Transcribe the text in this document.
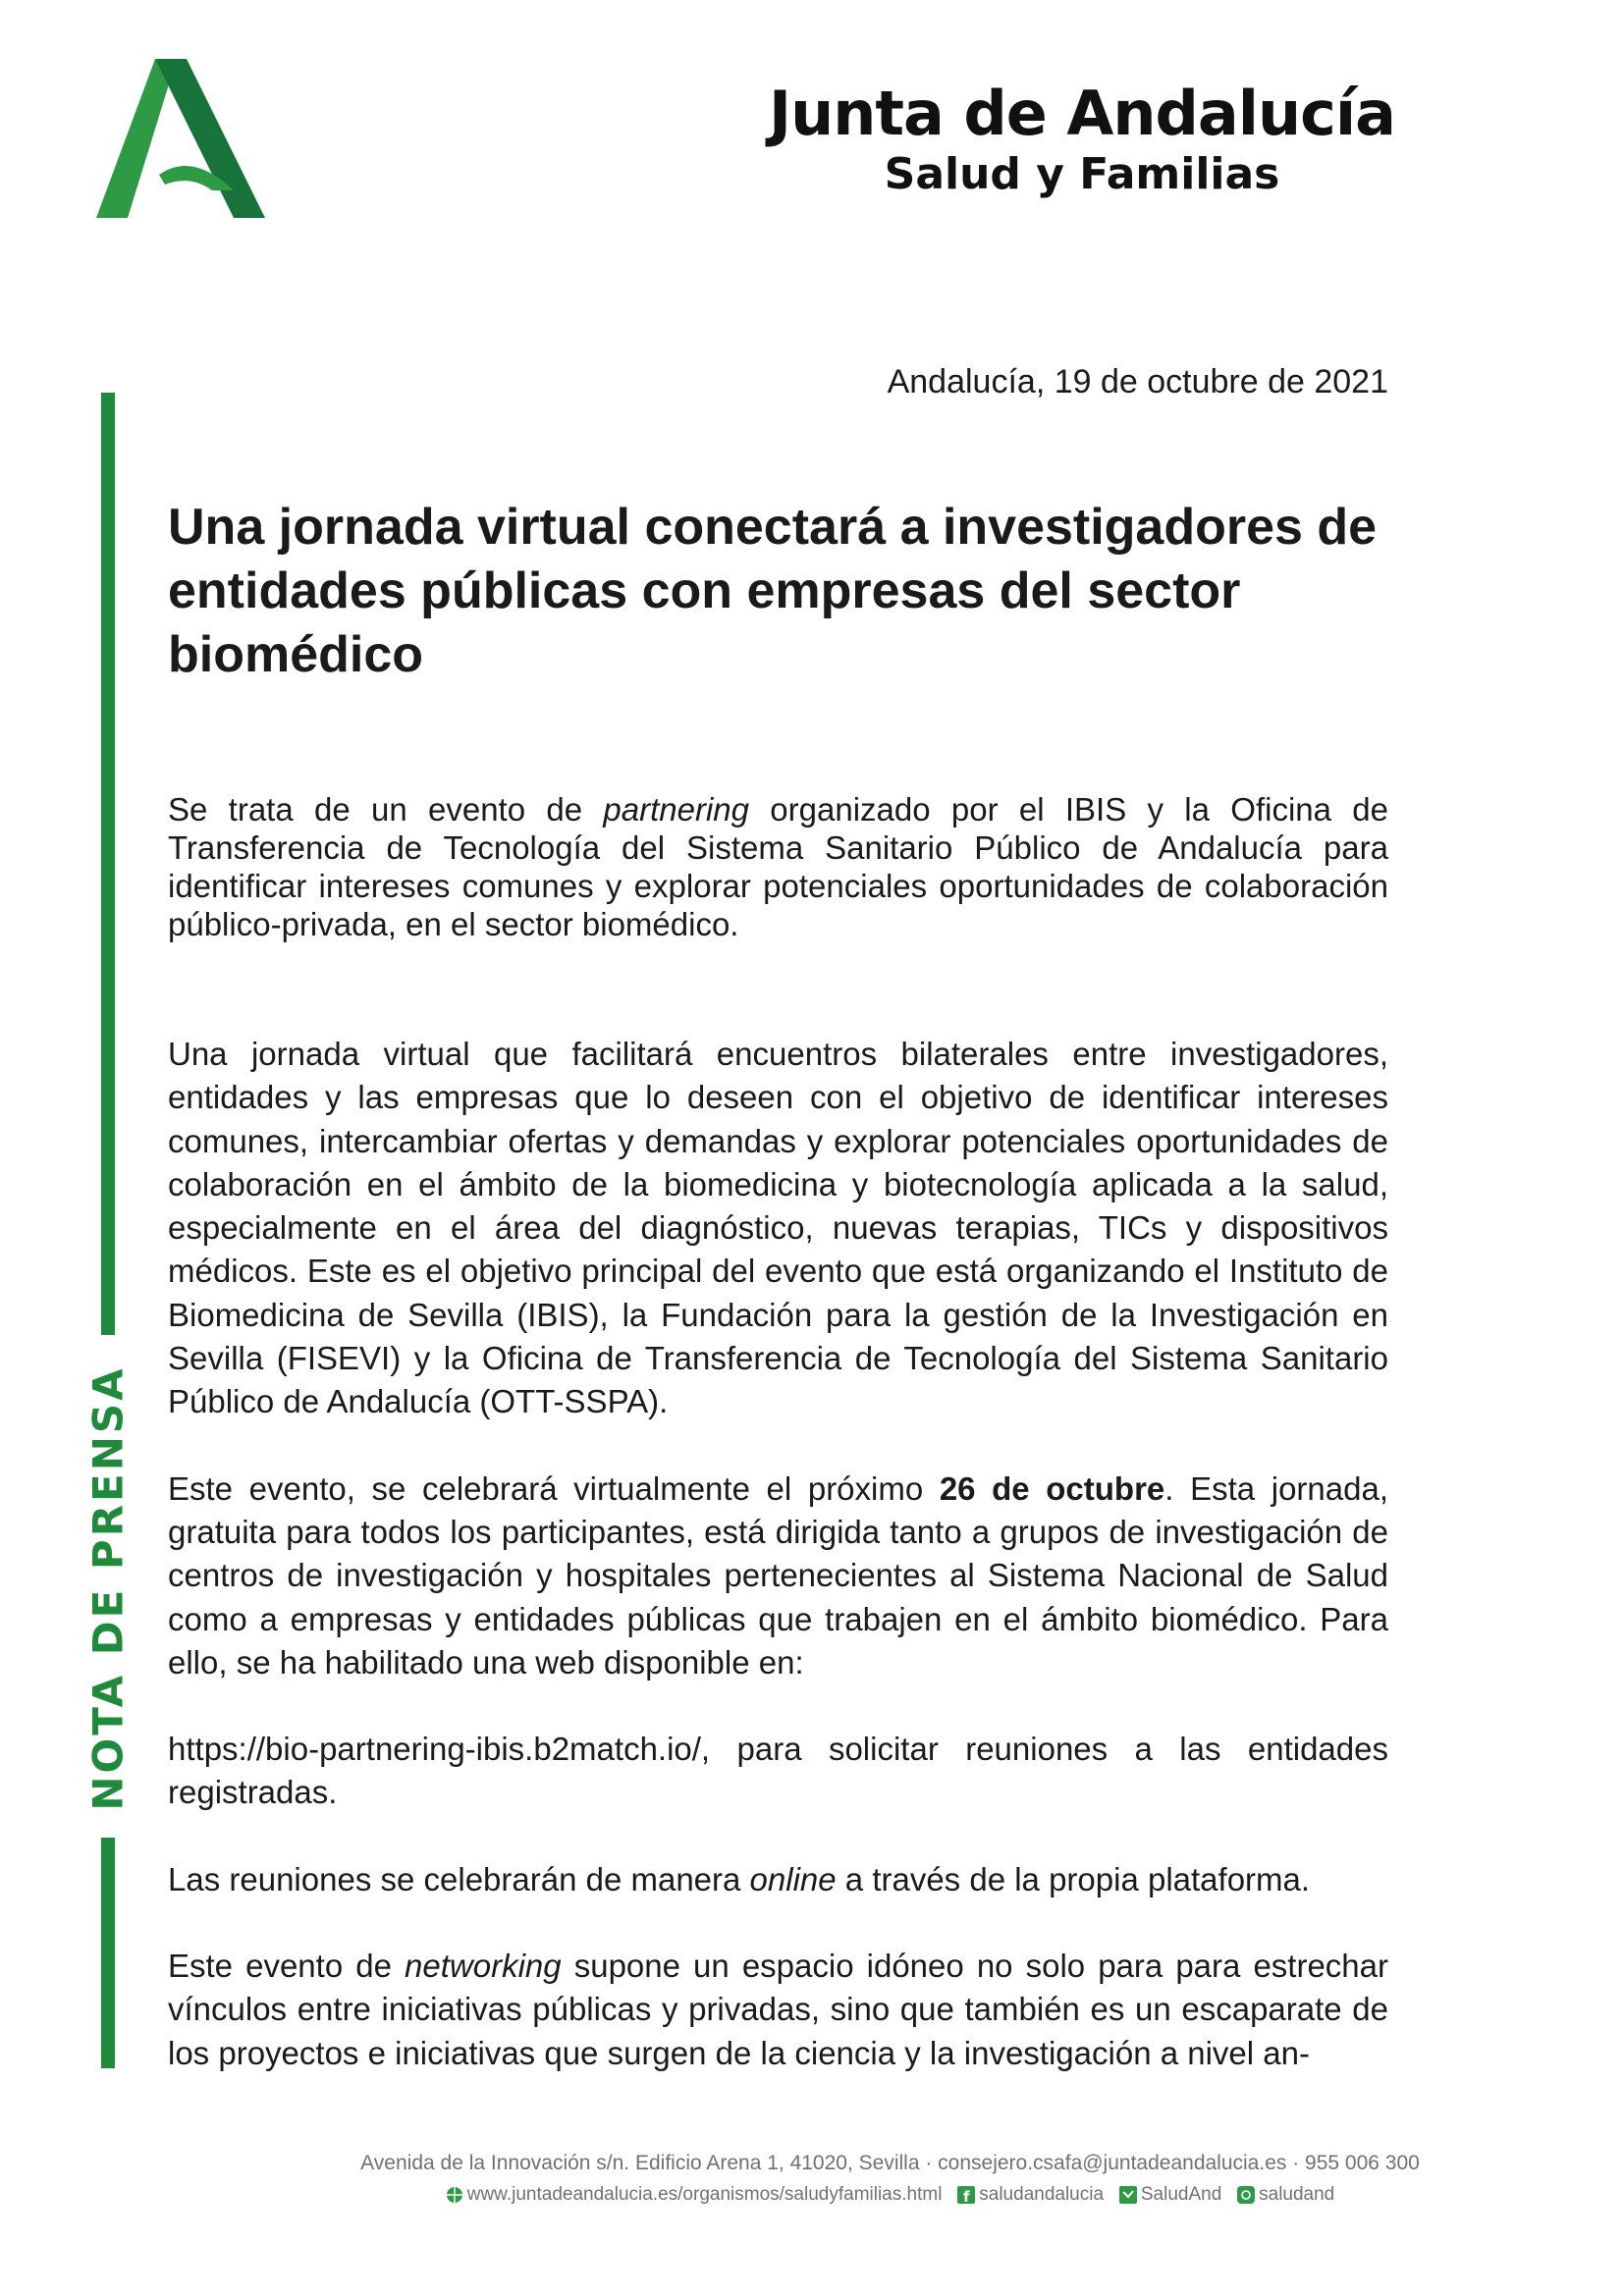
Junta de Andalucía
Salud y Familias
Andalucía, 19 de octubre de 2021
NOTA DE PRENSA
Una jornada virtual conectará a investigadores de entidades públicas con empresas del sector biomédico

Se trata de un evento de partnering organizado por el IBIS y la Oficina de Transferencia de Tecnología del Sistema Sanitario Público de Andalucía para identificar intereses comunes y explorar potenciales oportunidades de colaboración público-privada, en el sector biomédico.

Una jornada virtual que facilitará encuentros bilaterales entre investigadores, entidades y las empresas que lo deseen con el objetivo de identificar intereses comunes, intercambiar ofertas y demandas y explorar potenciales oportunidades de colaboración en el ámbito de la biomedicina y biotecnología aplicada a la salud, especialmente en el área del diagnóstico, nuevas terapias, TICs y dispositivos médicos. Este es el objetivo principal del evento que está organizando el Instituto de Biomedicina de Sevilla (IBIS), la Fundación para la gestión de la Investigación en Sevilla (FISEVI) y la Oficina de Transferencia de Tecnología del Sistema Sanitario Público de Andalucía (OTT-SSPA).

Este evento, se celebrará virtualmente el próximo 26 de octubre. Esta jornada, gratuita para todos los participantes, está dirigida tanto a grupos de investigación de centros de investigación y hospitales pertenecientes al Sistema Nacional de Salud como a empresas y entidades públicas que trabajen en el ámbito biomédico. Para ello, se ha habilitado una web disponible en:

https://bio-partnering-ibis.b2match.io/, para solicitar reuniones a las entidades registradas.

Las reuniones se celebrarán de manera online a través de la propia plataforma.

Este evento de networking supone un espacio idóneo no solo para para estrechar vínculos entre iniciativas públicas y privadas, sino que también es un escaparate de los proyectos e iniciativas que surgen de la ciencia y la investigación a nivel an-

Avenida de la Innovación s/n. Edificio Arena 1, 41020, Sevilla · consejero.csafa@juntadeandalucia.es · 955 006 300
www.juntadeandalucia.es/organismos/saludyfamilias.html f saludandalucia SaludAnd saludand
